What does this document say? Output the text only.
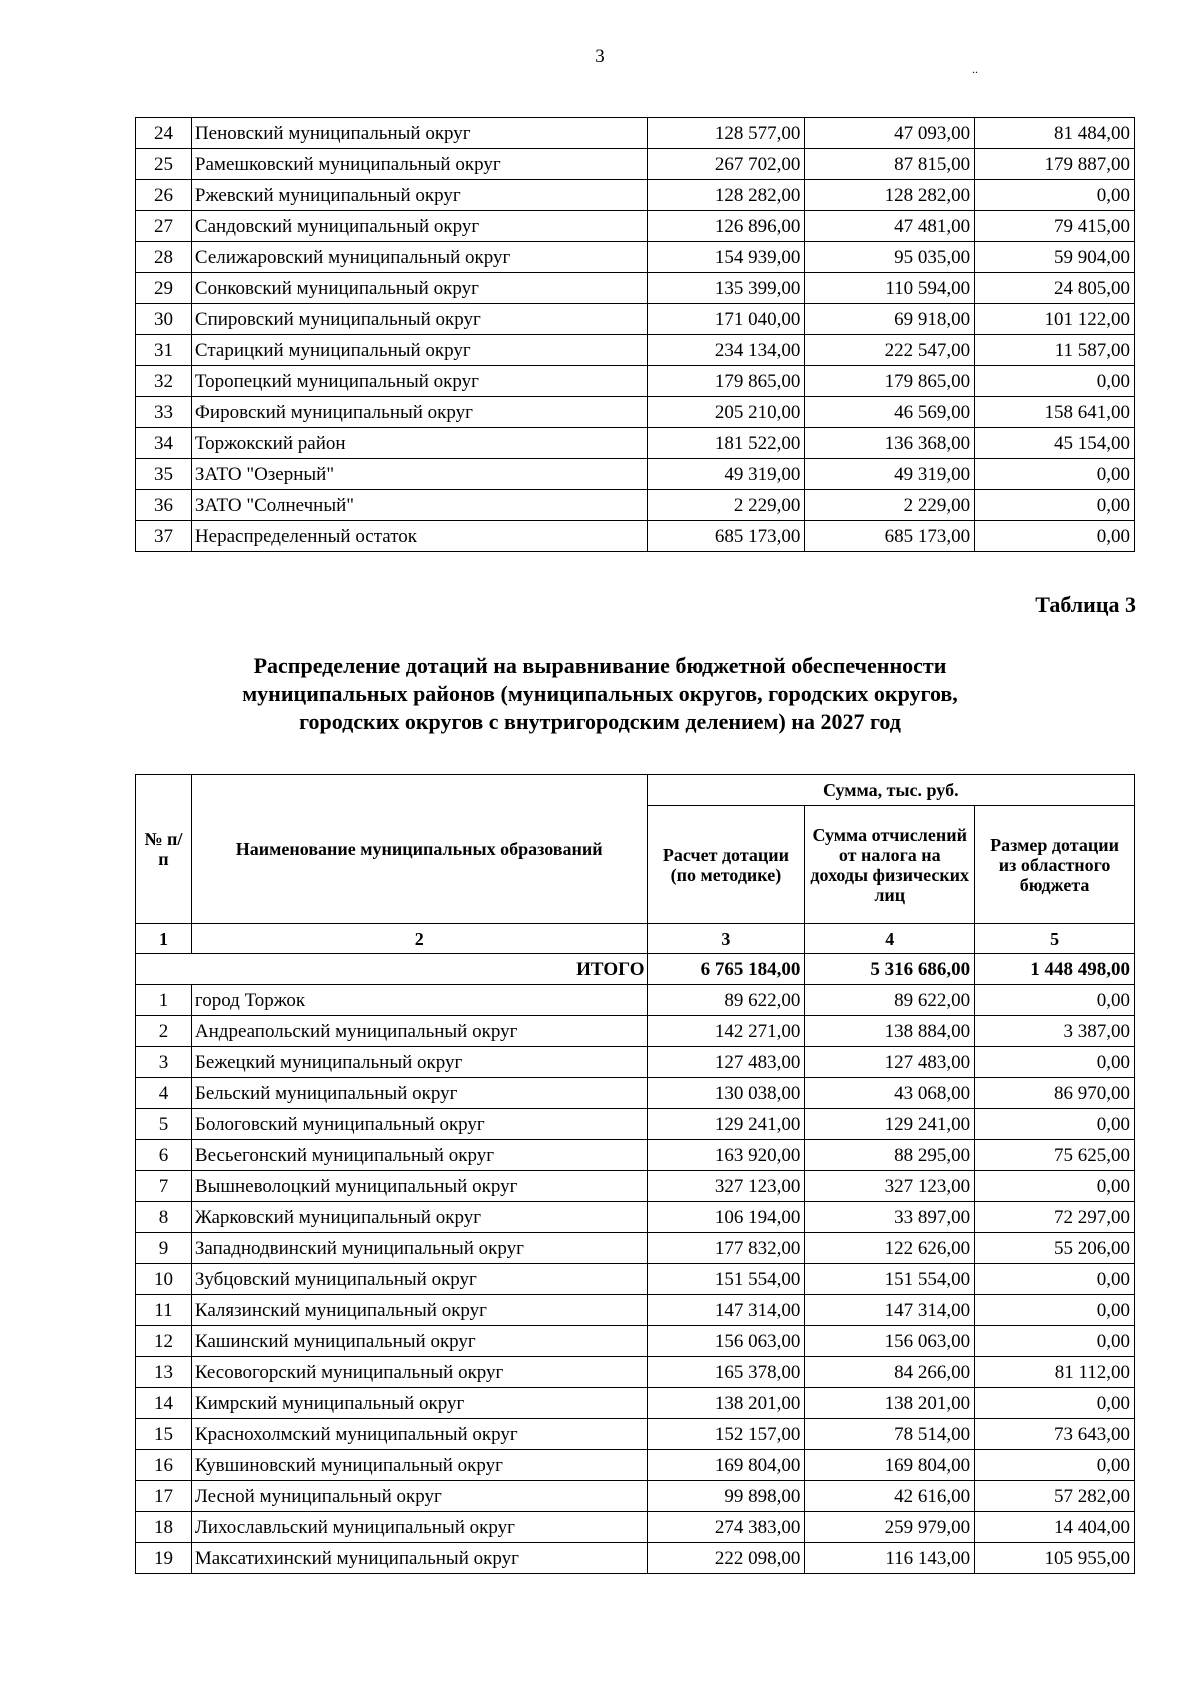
3
..
24	Пеновский муниципальный округ	128 577,00	47 093,00	81 484,00
25	Рамешковский муниципальный округ	267 702,00	87 815,00	179 887,00
26	Ржевский муниципальный округ	128 282,00	128 282,00	0,00
27	Сандовский муниципальный округ	126 896,00	47 481,00	79 415,00
28	Селижаровский муниципальный округ	154 939,00	95 035,00	59 904,00
29	Сонковский муниципальный округ	135 399,00	110 594,00	24 805,00
30	Спировский муниципальный округ	171 040,00	69 918,00	101 122,00
31	Старицкий муниципальный округ	234 134,00	222 547,00	11 587,00
32	Торопецкий муниципальный округ	179 865,00	179 865,00	0,00
33	Фировский муниципальный округ	205 210,00	46 569,00	158 641,00
34	Торжокский район	181 522,00	136 368,00	45 154,00
35	ЗАТО "Озерный"	49 319,00	49 319,00	0,00
36	ЗАТО "Солнечный"	2 229,00	2 229,00	0,00
37	Нераспределенный остаток	685 173,00	685 173,00	0,00
Таблица 3
Распределение дотаций на выравнивание бюджетной обеспеченности
муниципальных районов (муниципальных округов, городских округов,
городских округов с внутригородским делением) на 2027 год
№ п/п	Наименование муниципальных образований	Сумма, тыс. руб.		
		Расчет дотации (по методике)	Сумма отчислений от налога на доходы физических лиц	Размер дотации из областного бюджета
1	2	3	4	5
ИТОГО		6 765 184,00	5 316 686,00	1 448 498,00
1	город Торжок	89 622,00	89 622,00	0,00
2	Андреапольский муниципальный округ	142 271,00	138 884,00	3 387,00
3	Бежецкий муниципальный округ	127 483,00	127 483,00	0,00
4	Бельский муниципальный округ	130 038,00	43 068,00	86 970,00
5	Бологовский муниципальный округ	129 241,00	129 241,00	0,00
6	Весьегонский муниципальный округ	163 920,00	88 295,00	75 625,00
7	Вышневолоцкий муниципальный округ	327 123,00	327 123,00	0,00
8	Жарковский муниципальный округ	106 194,00	33 897,00	72 297,00
9	Западнодвинский муниципальный округ	177 832,00	122 626,00	55 206,00
10	Зубцовский муниципальный округ	151 554,00	151 554,00	0,00
11	Калязинский муниципальный округ	147 314,00	147 314,00	0,00
12	Кашинский муниципальный округ	156 063,00	156 063,00	0,00
13	Кесовогорский муниципальный округ	165 378,00	84 266,00	81 112,00
14	Кимрский муниципальный округ	138 201,00	138 201,00	0,00
15	Краснохолмский муниципальный округ	152 157,00	78 514,00	73 643,00
16	Кувшиновский муниципальный округ	169 804,00	169 804,00	0,00
17	Лесной муниципальный округ	99 898,00	42 616,00	57 282,00
18	Лихославльский муниципальный округ	274 383,00	259 979,00	14 404,00
19	Максатихинский муниципальный округ	222 098,00	116 143,00	105 955,00
